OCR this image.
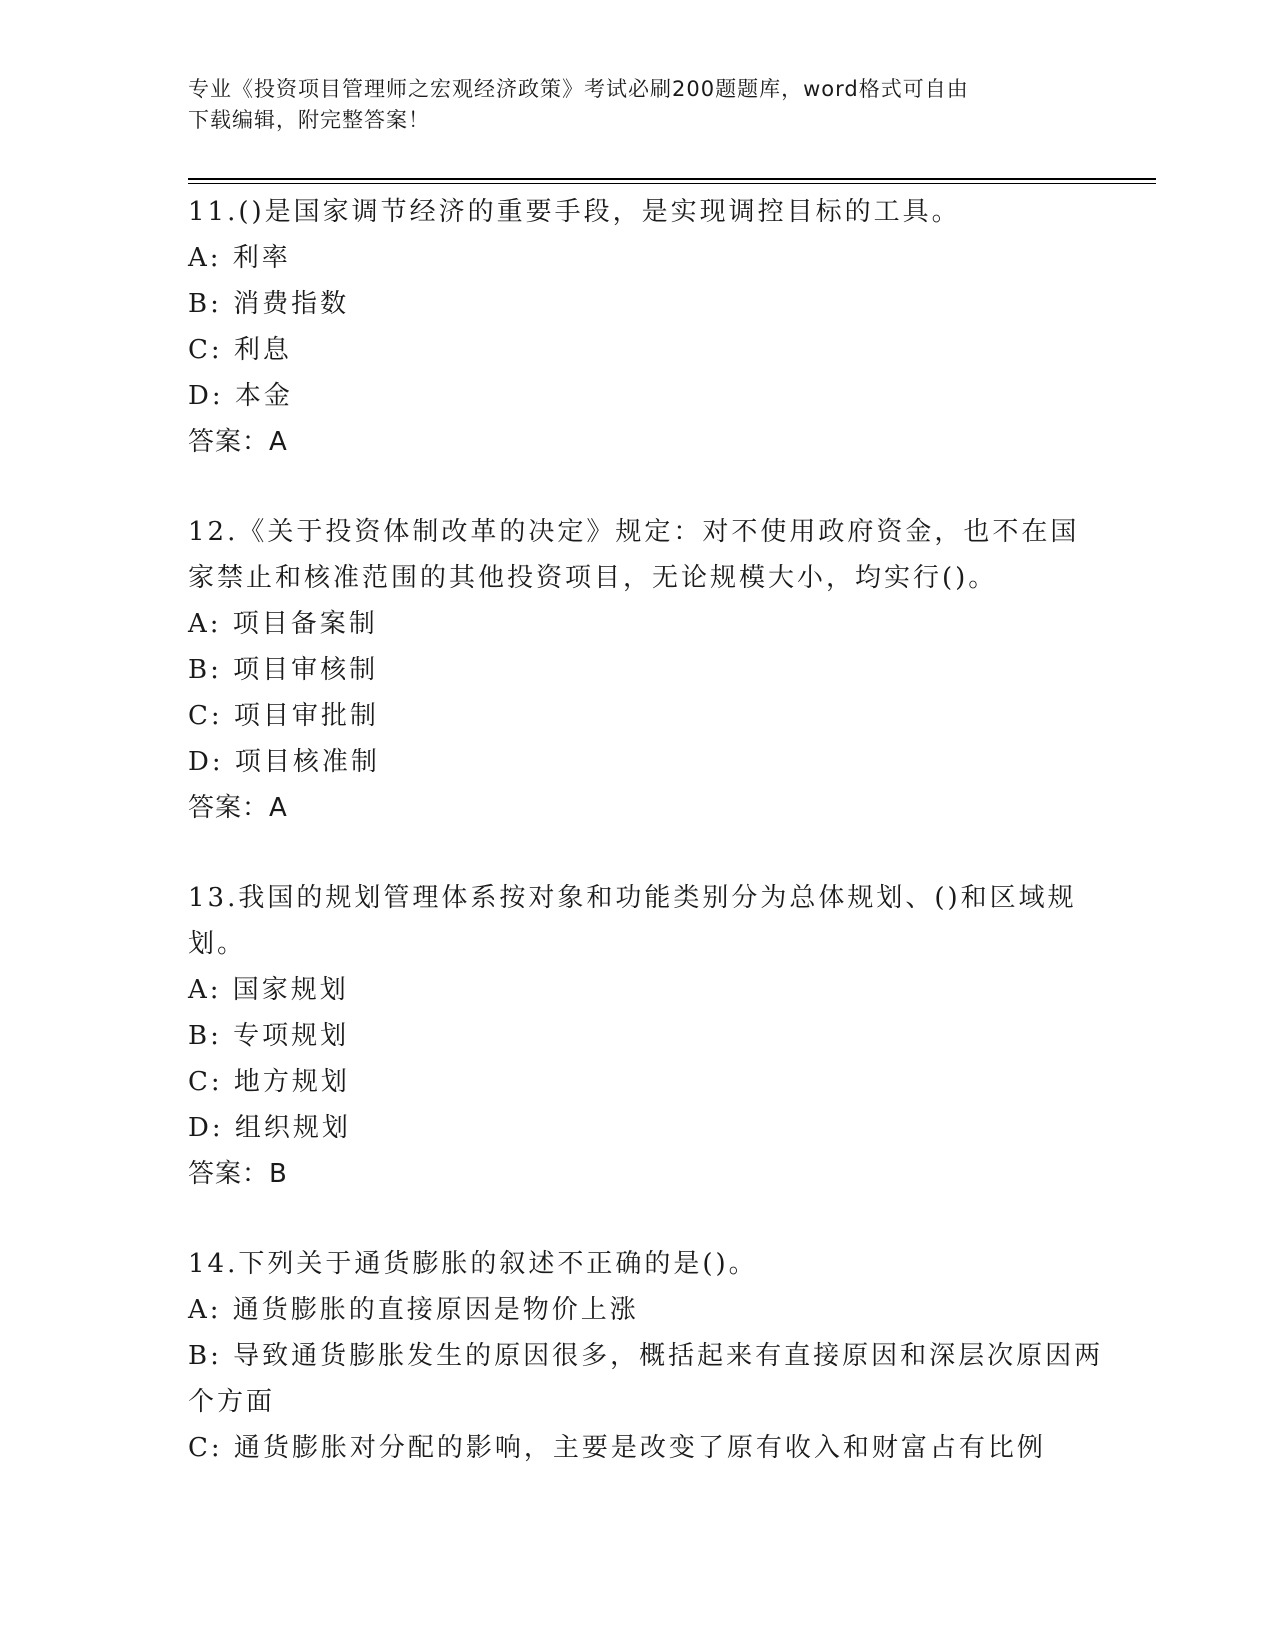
专业《投资项目管理师之宏观经济政策》考试必刷200题题库，word格式可自由
下载编辑，附完整答案！
11.()是国家调节经济的重要手段，是实现调控目标的工具。
A: 利率
B: 消费指数
C: 利息
D: 本金
答案：A
12.《关于投资体制改革的决定》规定：对不使用政府资金，也不在国家禁止和核准范围的其他投资项目，无论规模大小，均实行()。
A: 项目备案制
B: 项目审核制
C: 项目审批制
D: 项目核准制
答案：A
13.我国的规划管理体系按对象和功能类别分为总体规划、()和区域规划。
A: 国家规划
B: 专项规划
C: 地方规划
D: 组织规划
答案：B
14.下列关于通货膨胀的叙述不正确的是()。
A: 通货膨胀的直接原因是物价上涨
B: 导致通货膨胀发生的原因很多，概括起来有直接原因和深层次原因两个方面
C: 通货膨胀对分配的影响，主要是改变了原有收入和财富占有比例
